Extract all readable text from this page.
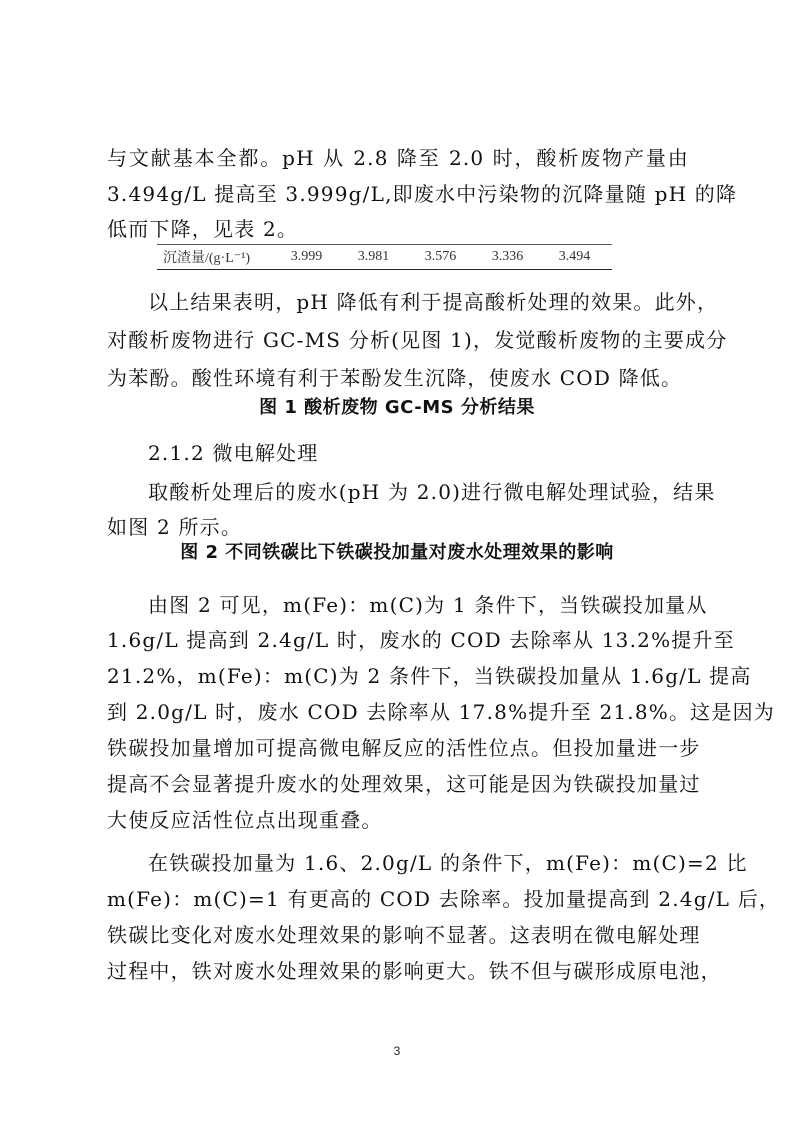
与文献基本全都。pH 从 2.8 降至 2.0 时，酸析废物产量由
3.494g/L 提高至 3.999g/L,即废水中污染物的沉降量随 pH 的降
低而下降，见表 2。
沉渣量/(g·L⁻¹)	3.999	3.981	3.576	3.336	3.494
以上结果表明，pH 降低有利于提高酸析处理的效果。此外，
对酸析废物进行 GC-MS 分析(见图 1)，发觉酸析废物的主要成分
为苯酚。酸性环境有利于苯酚发生沉降，使废水 COD 降低。
图 1 酸析废物 GC-MS 分析结果
2.1.2 微电解处理
取酸析处理后的废水(pH 为 2.0)进行微电解处理试验，结果
如图 2 所示。
图 2 不同铁碳比下铁碳投加量对废水处理效果的影响
由图 2 可见，m(Fe)：m(C)为 1 条件下，当铁碳投加量从
1.6g/L 提高到 2.4g/L 时，废水的 COD 去除率从 13.2%提升至
21.2%，m(Fe)：m(C)为 2 条件下，当铁碳投加量从 1.6g/L 提高
到 2.0g/L 时，废水 COD 去除率从 17.8%提升至 21.8%。这是因为
铁碳投加量增加可提高微电解反应的活性位点。但投加量进一步
提高不会显著提升废水的处理效果，这可能是因为铁碳投加量过
大使反应活性位点出现重叠。
在铁碳投加量为 1.6、2.0g/L 的条件下，m(Fe)：m(C)=2 比
m(Fe)：m(C)=1 有更高的 COD 去除率。投加量提高到 2.4g/L 后，
铁碳比变化对废水处理效果的影响不显著。这表明在微电解处理
过程中，铁对废水处理效果的影响更大。铁不但与碳形成原电池，
3
